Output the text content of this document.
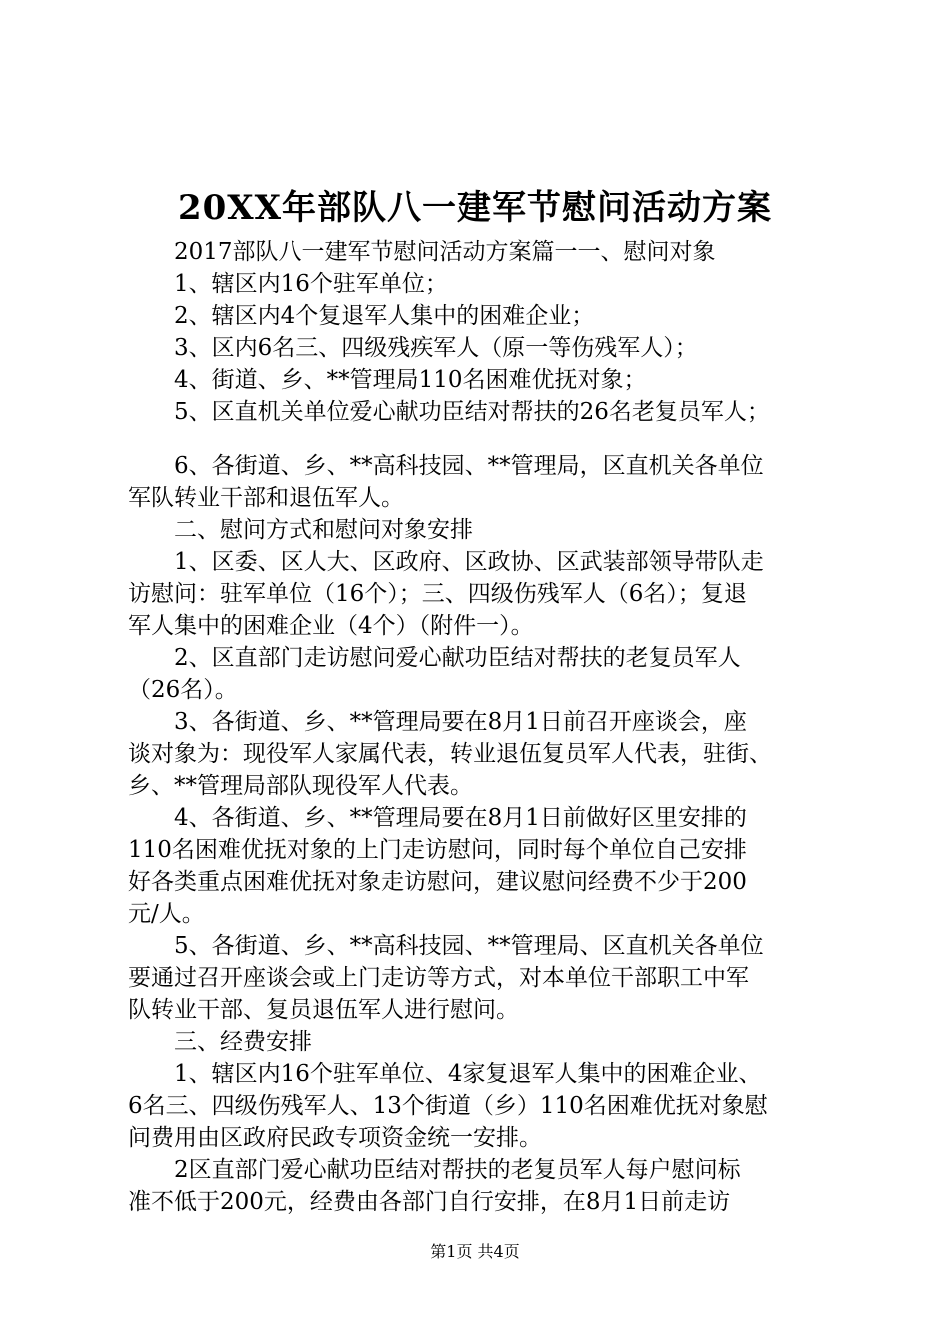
20XX年部队八一建军节慰问活动方案
　　2017部队八一建军节慰问活动方案篇一一、慰问对象
　　1、辖区内16个驻军单位；
　　2、辖区内4个复退军人集中的困难企业；
　　3、区内6名三、四级残疾军人（原一等伤残军人）；
　　4、街道、乡、**管理局110名困难优抚对象；
　　5、区直机关单位爱心献功臣结对帮扶的26名老复员军人；
　　6、各街道、乡、**高科技园、**管理局，区直机关各单位
军队转业干部和退伍军人。
　　二、慰问方式和慰问对象安排
　　1、区委、区人大、区政府、区政协、区武装部领导带队走
访慰问：驻军单位（16个）；三、四级伤残军人（6名）；复退
军人集中的困难企业（4个）（附件一）。
　　2、区直部门走访慰问爱心献功臣结对帮扶的老复员军人
（26名）。
　　3、各街道、乡、**管理局要在8月1日前召开座谈会，座
谈对象为：现役军人家属代表，转业退伍复员军人代表，驻街、
乡、**管理局部队现役军人代表。
　　4、各街道、乡、**管理局要在8月1日前做好区里安排的
110名困难优抚对象的上门走访慰问，同时每个单位自己安排
好各类重点困难优抚对象走访慰问，建议慰问经费不少于200
元/人。
　　5、各街道、乡、**高科技园、**管理局、区直机关各单位
要通过召开座谈会或上门走访等方式，对本单位干部职工中军
队转业干部、复员退伍军人进行慰问。
　　三、经费安排
　　1、辖区内16个驻军单位、4家复退军人集中的困难企业、
6名三、四级伤残军人、13个街道（乡）110名困难优抚对象慰
问费用由区政府民政专项资金统一安排。
　　2区直部门爱心献功臣结对帮扶的老复员军人每户慰问标
准不低于200元，经费由各部门自行安排，在8月1日前走访
第1页 共4页
